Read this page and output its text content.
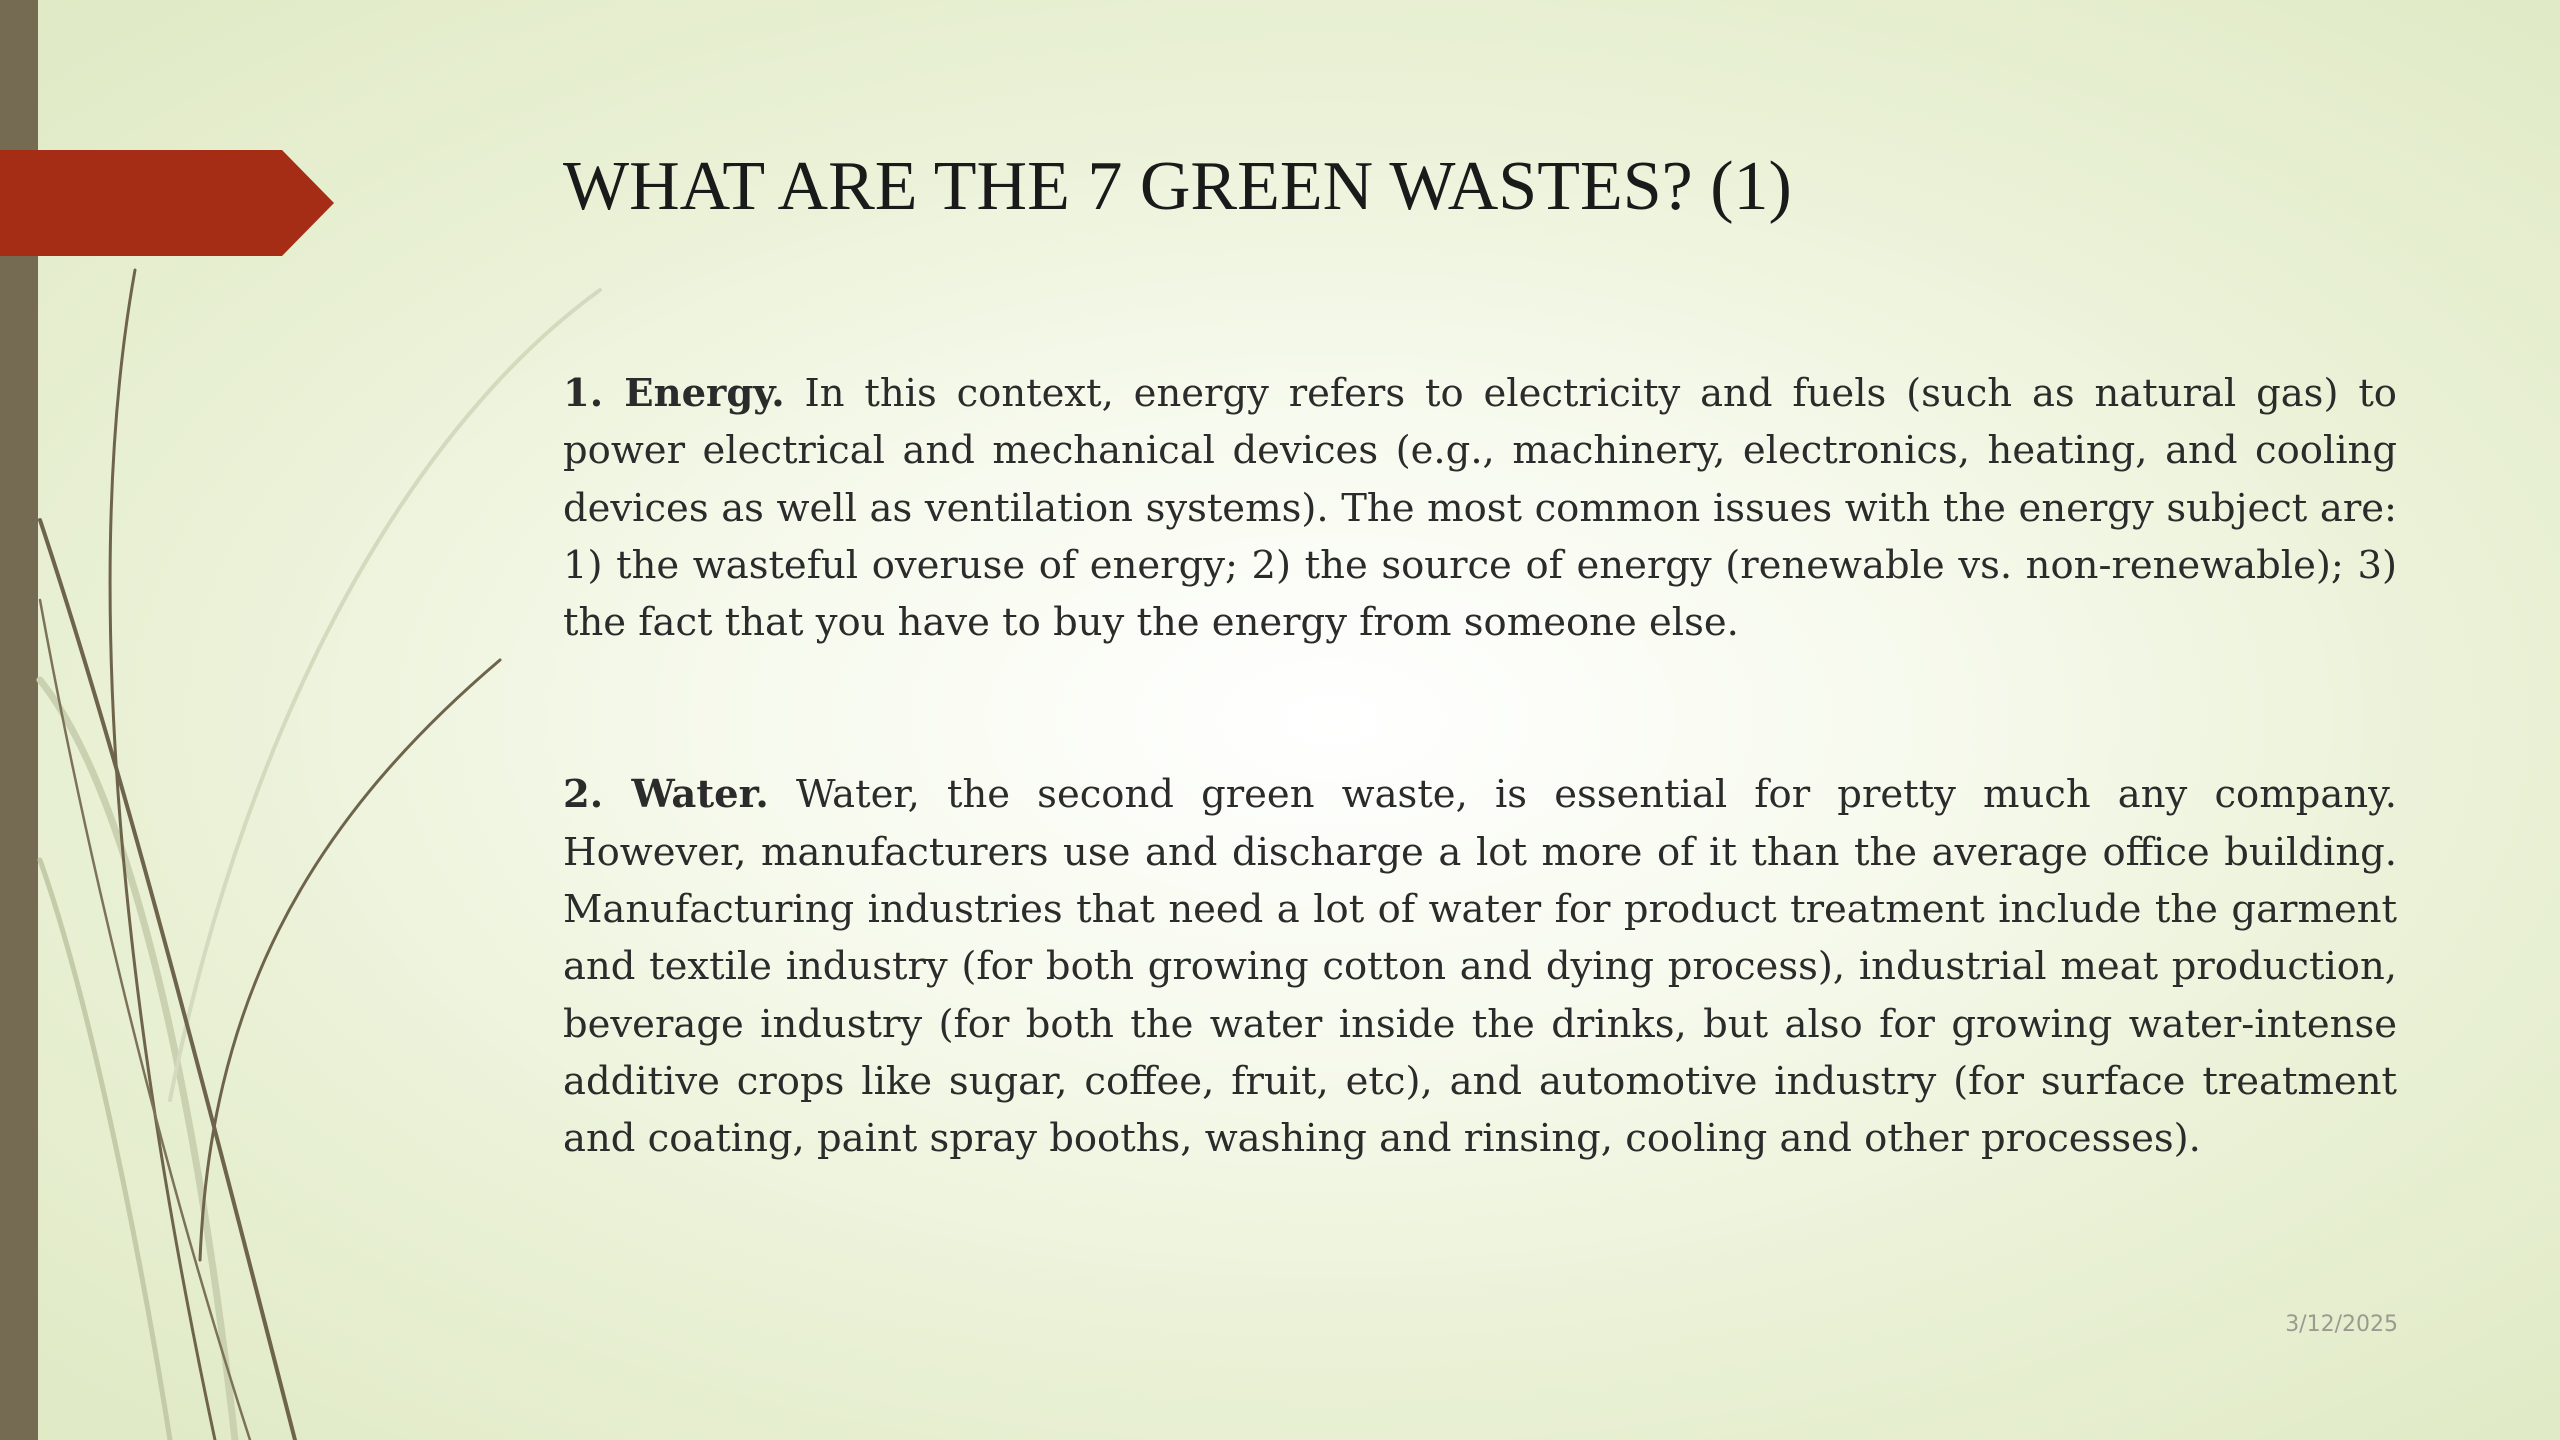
WHAT ARE THE 7 GREEN WASTES? (1)

1. Energy. In this context, energy refers to electricity and fuels (such as natural gas) to power electrical and mechanical devices (e.g., machinery, electronics, heating, and cooling devices as well as ventilation systems). The most common issues with the energy subject are: 1) the wasteful overuse of energy; 2) the source of energy (renewable vs. non-renewable); 3) the fact that you have to buy the energy from someone else.

2. Water. Water, the second green waste, is essential for pretty much any company. However, manufacturers use and discharge a lot more of it than the average office building. Manufacturing industries that need a lot of water for product treatment include the garment and textile industry (for both growing cotton and dying process), industrial meat production, beverage industry (for both the water inside the drinks, but also for growing water-intense additive crops like sugar, coffee, fruit, etc), and automotive industry (for surface treatment and coating, paint spray booths, washing and rinsing, cooling and other processes).

3/12/2025
